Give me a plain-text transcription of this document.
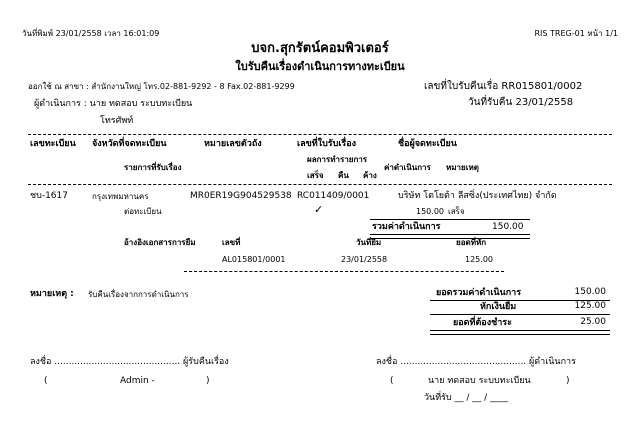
วันที่พิมพ์ 23/01/2558 เวลา 16:01:09	RIS TREG-01 หน้า 1/1
บจก.สุกรัตน์คอมพิวเตอร์
ใบรับคืนเรื่องดำเนินการทางทะเบียน
ออกใช้ ณ สาขา : สำนักงานใหญ่ โทร.02-881-9292 - 8 Fax.02-881-9299	เลขที่ใบรับคืนเรื่อ RR015801/0002
ผู้ดำเนินการ : นาย ทดสอบ ระบบทะเบียน	วันที่รับคืน 23/01/2558
โทรศัพท์
เลขทะเบียน จังหวัดที่จดทะเบียน	หมายเลขตัวถัง	เลขที่ใบรับเรื่อง	ชื่อผู้จดทะเบียน
ผลการทำรายการ
รายการที่รับเรื่อง	ค่าดำเนินการ หมายเหตุ
เสร็จ คืน ค้าง
ชบ-1617	กรุงเทพมหานคร	MR0ER19G904529538 RC011409/0001	บริษัท โตโยต้า ลีสซิ่ง(ประเทศไทย) จำกัด
ต่อทะเบียน	✓	150.00 เสร็จ
รวมค่าดำเนินการ	150.00
อ้างอิงเอกสารการยืม	เลขที่	วันที่ยืม	ยอดที่หัก
AL015801/0001	23/01/2558	125.00
หมายเหตุ : รับคืนเรื่องจากการดำเนินการ	ยอดรวมค่าดำเนินการ	150.00
หักเงินยืม	125.00
ยอดที่ต้องชำระ	25.00
ลงชื่อ ............................................ ผู้รับคืนเรื่อง
(	Admin -	)
ลงชื่อ ............................................ ผู้ดำเนินการ
(	นาย ทดสอบ ระบบทะเบียน	)
วันที่รับ __ / __ / ____
